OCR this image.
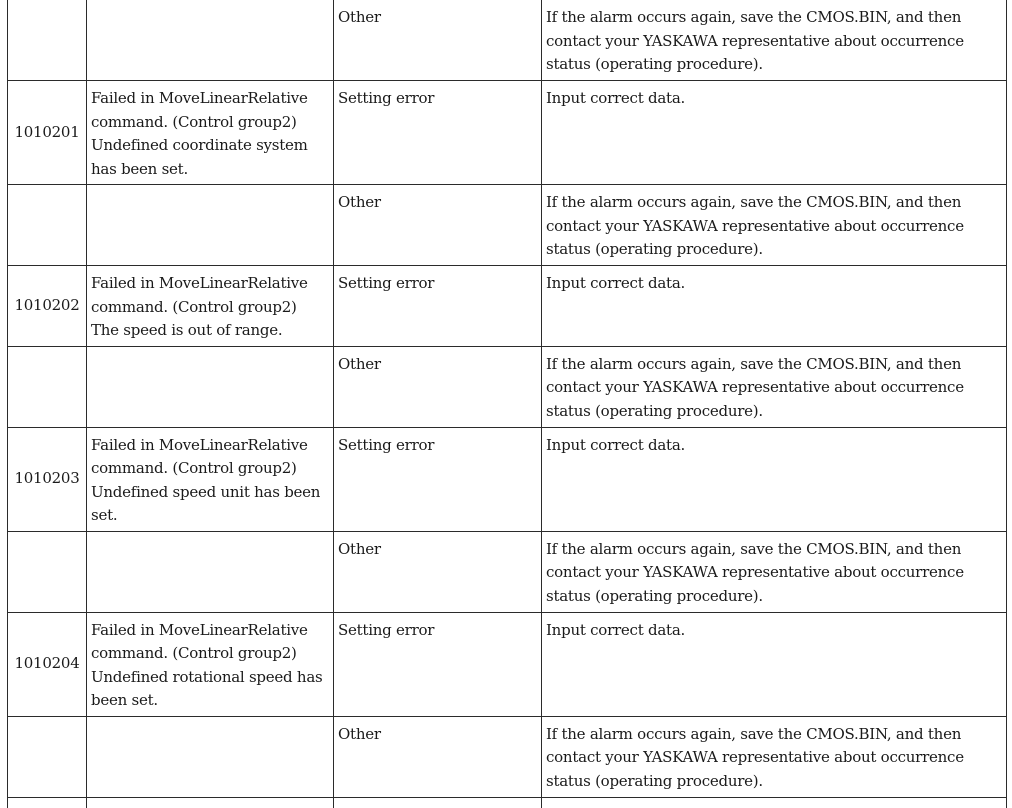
		Other	If the alarm occurs again, save the CMOS.BIN, and then
contact your YASKAWA representative about occurrence
status (operating procedure).

1010201	Failed in MoveLinearRelative
command. (Control group2)
Undefined coordinate system
has been set.	Setting error	Input correct data.

		Other	If the alarm occurs again, save the CMOS.BIN, and then
contact your YASKAWA representative about occurrence
status (operating procedure).

1010202	Failed in MoveLinearRelative
command. (Control group2)
The speed is out of range.	Setting error	Input correct data.

		Other	If the alarm occurs again, save the CMOS.BIN, and then
contact your YASKAWA representative about occurrence
status (operating procedure).

1010203	Failed in MoveLinearRelative
command. (Control group2)
Undefined speed unit has been
set.	Setting error	Input correct data.

		Other	If the alarm occurs again, save the CMOS.BIN, and then
contact your YASKAWA representative about occurrence
status (operating procedure).

1010204	Failed in MoveLinearRelative
command. (Control group2)
Undefined rotational speed has
been set.	Setting error	Input correct data.

		Other	If the alarm occurs again, save the CMOS.BIN, and then
contact your YASKAWA representative about occurrence
status (operating procedure).
